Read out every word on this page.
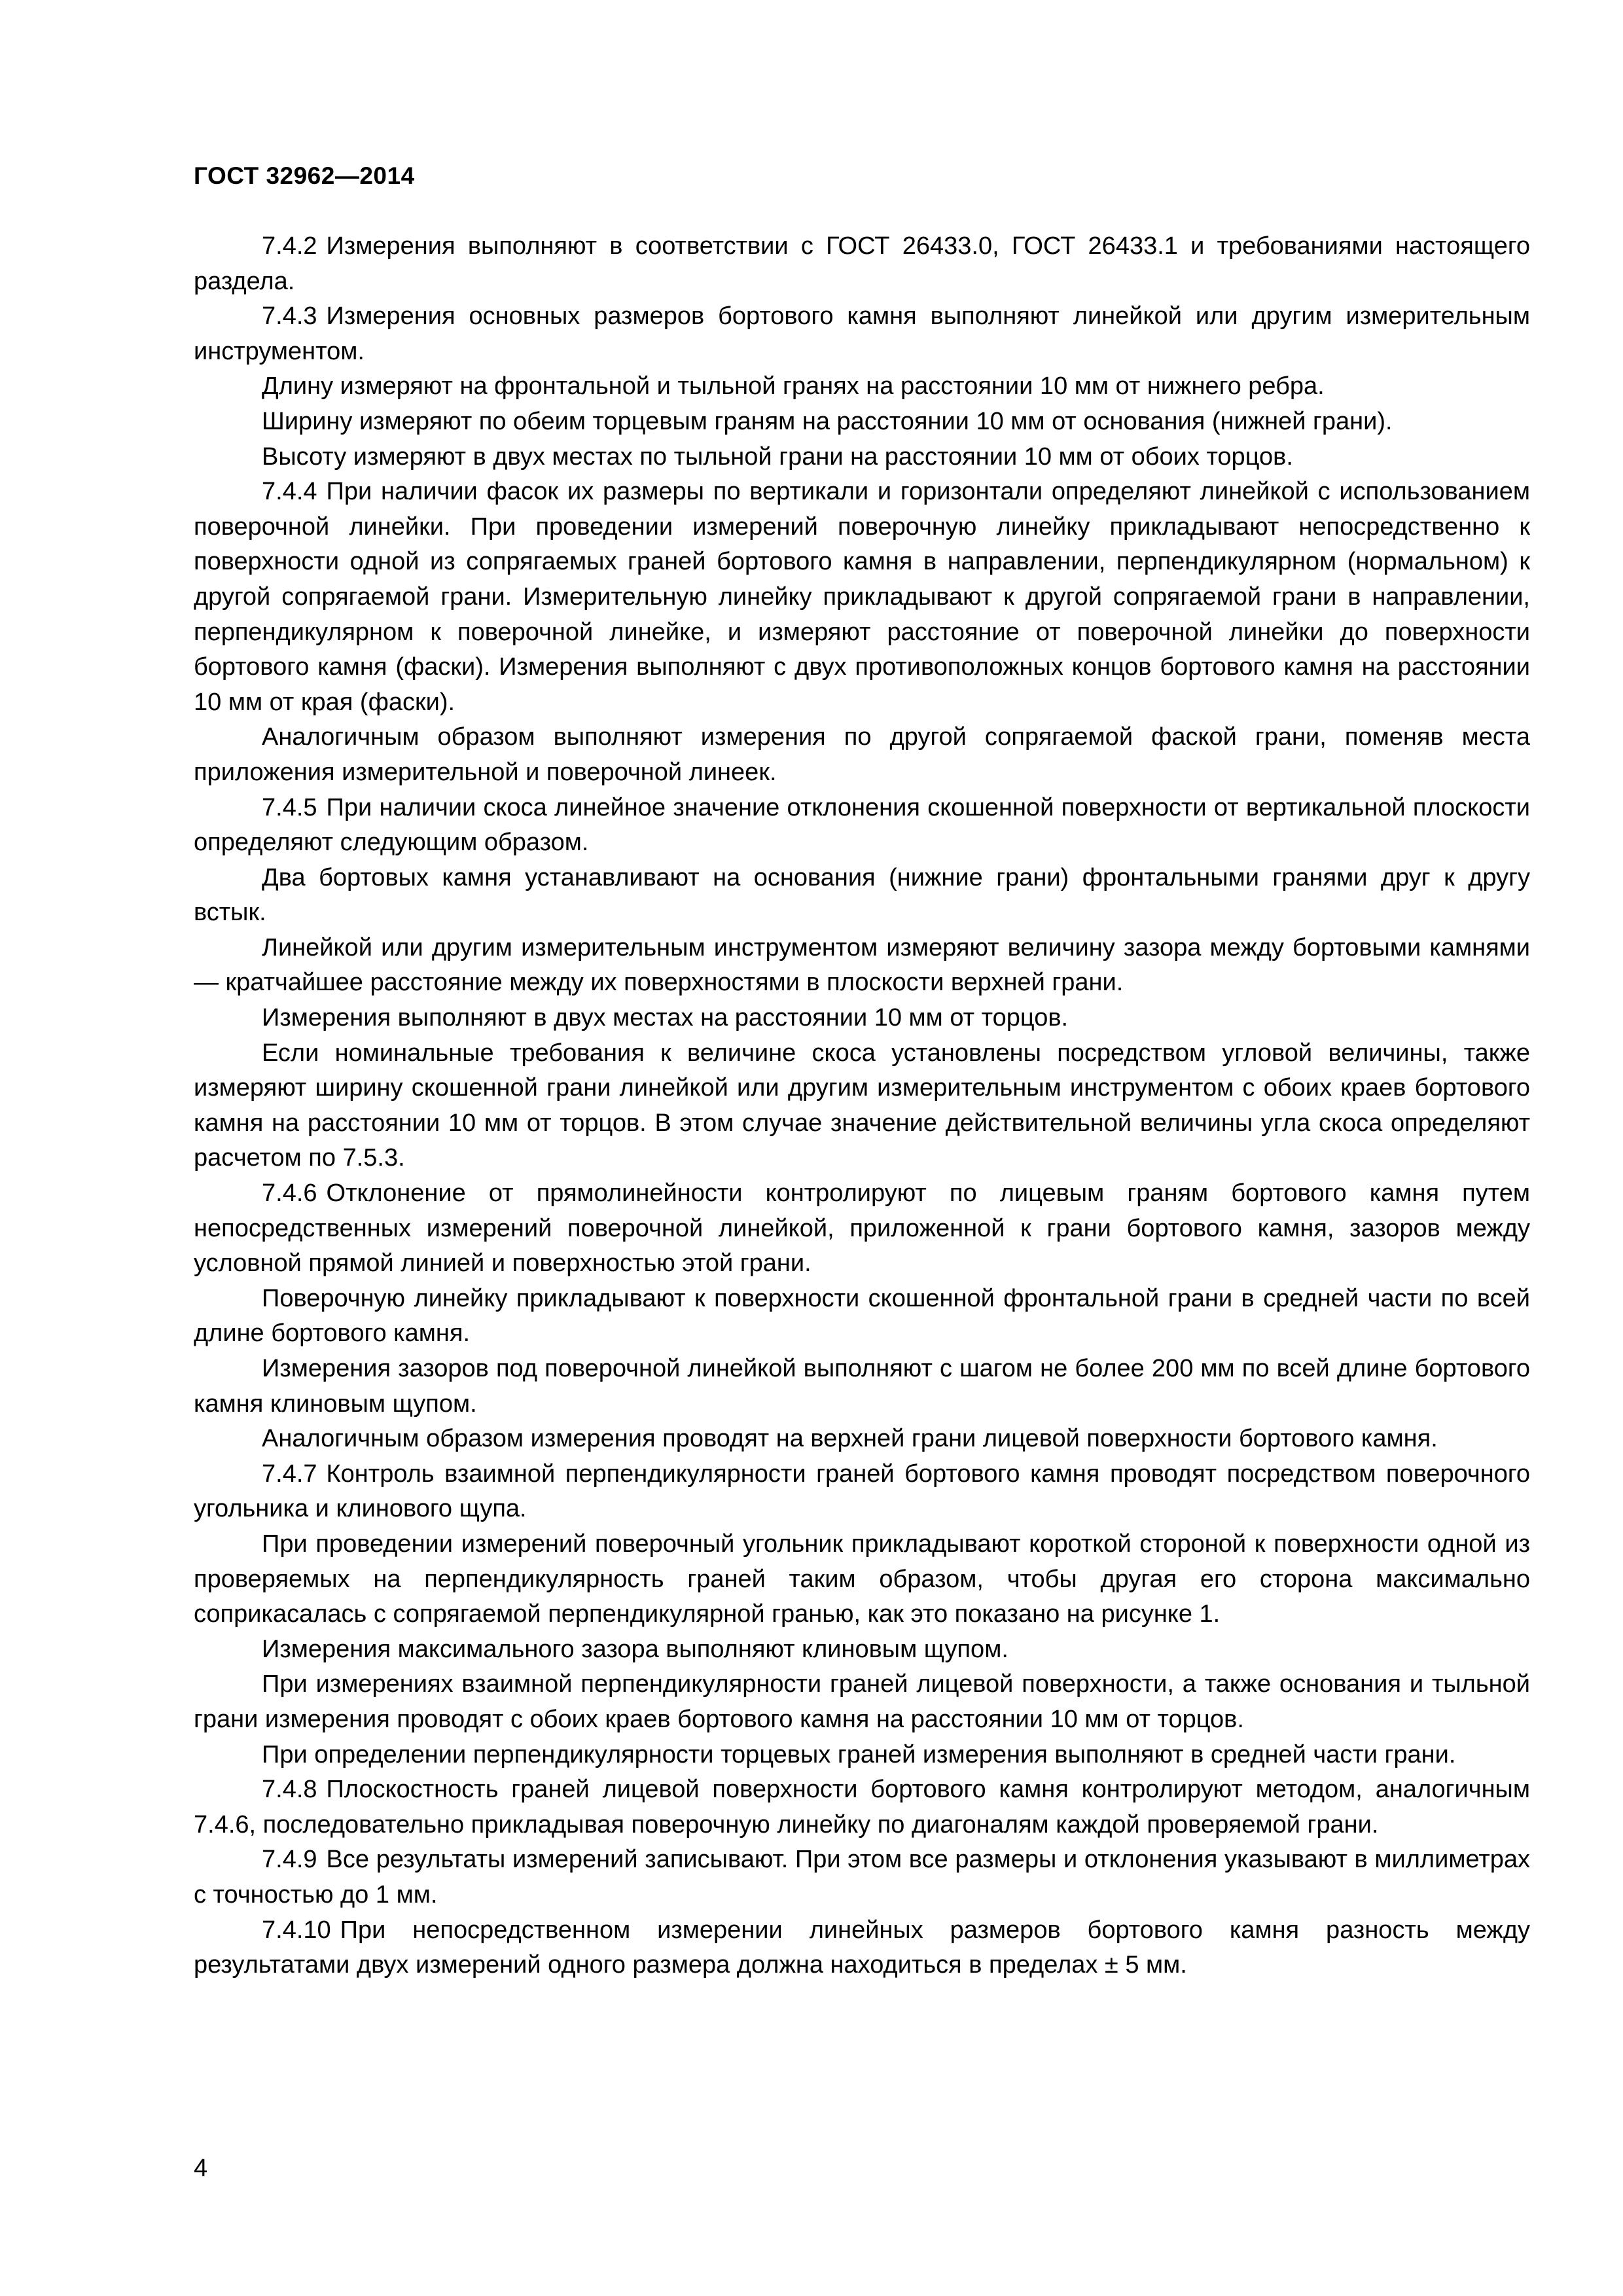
ГОСТ 32962—2014

7.4.2 Измерения выполняют в соответствии с ГОСТ 26433.0, ГОСТ 26433.1 и требованиями настоящего раздела.

7.4.3 Измерения основных размеров бортового камня выполняют линейкой или другим измерительным инструментом.

Длину измеряют на фронтальной и тыльной гранях на расстоянии 10 мм от нижнего ребра.

Ширину измеряют по обеим торцевым граням на расстоянии 10 мм от основания (нижней грани).

Высоту измеряют в двух местах по тыльной грани на расстоянии 10 мм от обоих торцов.

7.4.4 При наличии фасок их размеры по вертикали и горизонтали определяют линейкой с использованием поверочной линейки. При проведении измерений поверочную линейку прикладывают непосредственно к поверхности одной из сопрягаемых граней бортового камня в направлении, перпендикулярном (нормальном) к другой сопрягаемой грани. Измерительную линейку прикладывают к другой сопрягаемой грани в направлении, перпендикулярном к поверочной линейке, и измеряют расстояние от поверочной линейки до поверхности бортового камня (фаски). Измерения выполняют с двух противоположных концов бортового камня на расстоянии 10 мм от края (фаски).

Аналогичным образом выполняют измерения по другой сопрягаемой фаской грани, поменяв места приложения измерительной и поверочной линеек.

7.4.5 При наличии скоса линейное значение отклонения скошенной поверхности от вертикальной плоскости определяют следующим образом.

Два бортовых камня устанавливают на основания (нижние грани) фронтальными гранями друг к другу встык.

Линейкой или другим измерительным инструментом измеряют величину зазора между бортовыми камнями — кратчайшее расстояние между их поверхностями в плоскости верхней грани.

Измерения выполняют в двух местах на расстоянии 10 мм от торцов.

Если номинальные требования к величине скоса установлены посредством угловой величины, также измеряют ширину скошенной грани линейкой или другим измерительным инструментом с обоих краев бортового камня на расстоянии 10 мм от торцов. В этом случае значение действительной величины угла скоса определяют расчетом по 7.5.3.

7.4.6 Отклонение от прямолинейности контролируют по лицевым граням бортового камня путем непосредственных измерений поверочной линейкой, приложенной к грани бортового камня, зазоров между условной прямой линией и поверхностью этой грани.

Поверочную линейку прикладывают к поверхности скошенной фронтальной грани в средней части по всей длине бортового камня.

Измерения зазоров под поверочной линейкой выполняют с шагом не более 200 мм по всей длине бортового камня клиновым щупом.

Аналогичным образом измерения проводят на верхней грани лицевой поверхности бортового камня.

7.4.7 Контроль взаимной перпендикулярности граней бортового камня проводят посредством поверочного угольника и клинового щупа.

При проведении измерений поверочный угольник прикладывают короткой стороной к поверхности одной из проверяемых на перпендикулярность граней таким образом, чтобы другая его сторона максимально соприкасалась с сопрягаемой перпендикулярной гранью, как это показано на рисунке 1.

Измерения максимального зазора выполняют клиновым щупом.

При измерениях взаимной перпендикулярности граней лицевой поверхности, а также основания и тыльной грани измерения проводят с обоих краев бортового камня на расстоянии 10 мм от торцов.

При определении перпендикулярности торцевых граней измерения выполняют в средней части грани.

7.4.8 Плоскостность граней лицевой поверхности бортового камня контролируют методом, аналогичным 7.4.6, последовательно прикладывая поверочную линейку по диагоналям каждой проверяемой грани.

7.4.9 Все результаты измерений записывают. При этом все размеры и отклонения указывают в миллиметрах с точностью до 1 мм.

7.4.10 При непосредственном измерении линейных размеров бортового камня разность между результатами двух измерений одного размера должна находиться в пределах ± 5 мм.

4
